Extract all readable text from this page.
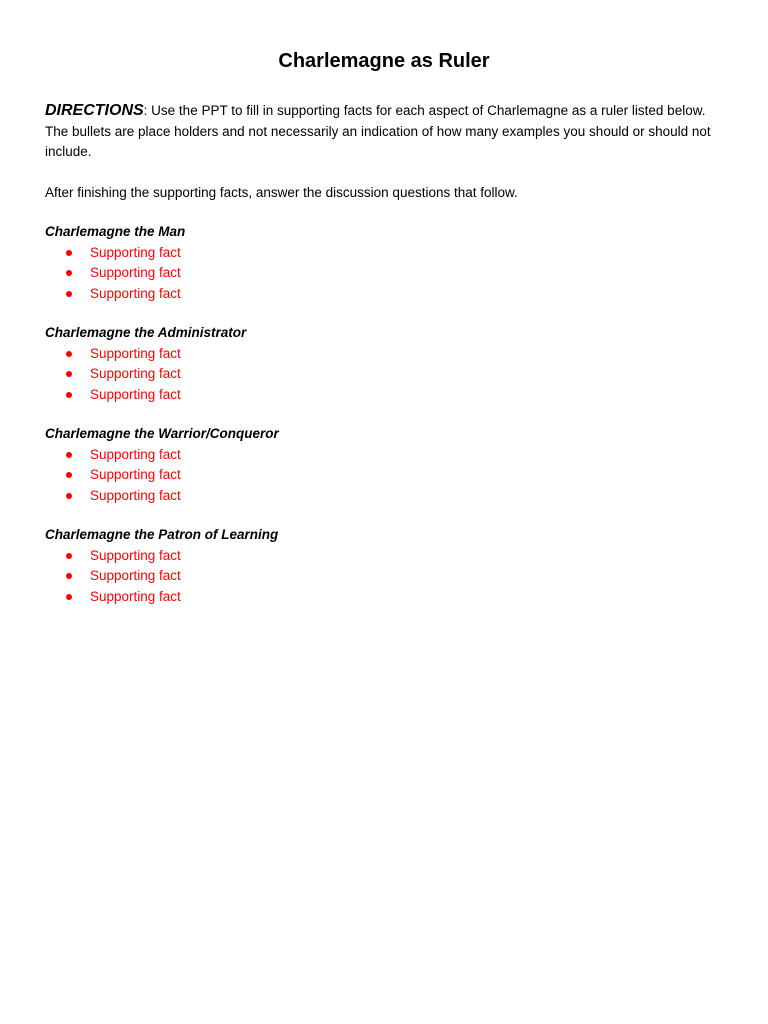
Charlemagne as Ruler

DIRECTIONS: Use the PPT to fill in supporting facts for each aspect of Charlemagne as a ruler listed below. The bullets are place holders and not necessarily an indication of how many examples you should or should not include.

After finishing the supporting facts, answer the discussion questions that follow.

Charlemagne the Man

Supporting fact
Supporting fact
Supporting fact

Charlemagne the Administrator

Supporting fact
Supporting fact
Supporting fact

Charlemagne the Warrior/Conqueror

Supporting fact
Supporting fact
Supporting fact

Charlemagne the Patron of Learning

Supporting fact
Supporting fact
Supporting fact
